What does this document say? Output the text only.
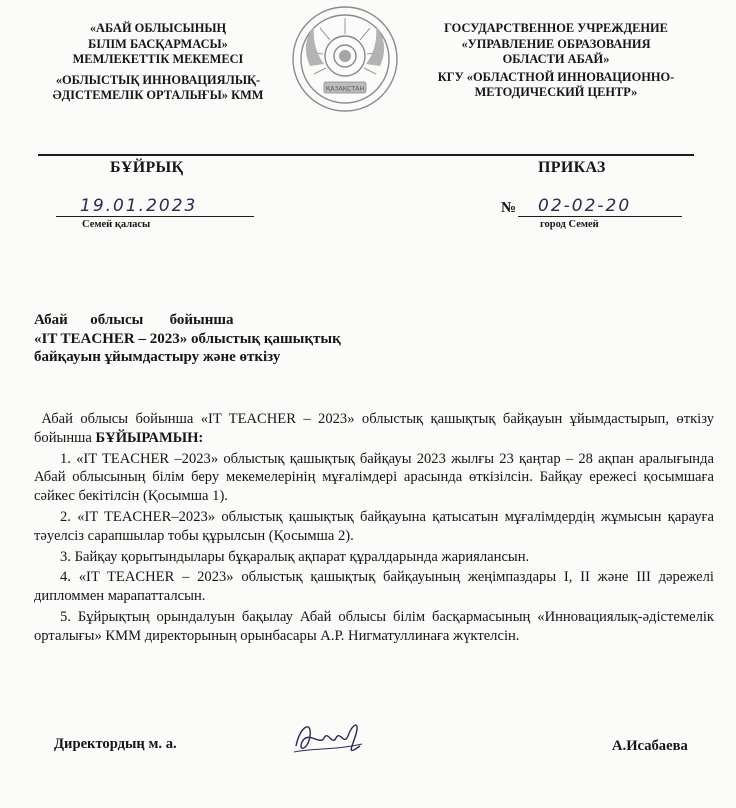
«АБАЙ ОБЛЫСЫНЫҢ
БІЛІМ БАСҚАРМАСЫ»
МЕМЛЕКЕТТІК МЕКЕМЕСІ
«ОБЛЫСТЫҚ ИННОВАЦИЯЛЫҚ-
ӘДІСТЕМЕЛІК ОРТАЛЫҒЫ» КММ	ҚАЗАҚСТАН
ГОСУДАРСТВЕННОЕ УЧРЕЖДЕНИЕ
«УПРАВЛЕНИЕ ОБРАЗОВАНИЯ
ОБЛАСТИ АБАЙ»
КГУ «ОБЛАСТНОЙ ИННОВАЦИОННО-
МЕТОДИЧЕСКИЙ ЦЕНТР»
БҰЙРЫҚ	ПРИКАЗ
19.01.2023
Семей қаласы
№ 02-02-20
город Семей
Абай      облысы       бойынша
«IT TEACHER – 2023» облыстық қашықтық
байқауын ұйымдастыру және өткізу

Абай облысы бойынша «IT TEACHER – 2023» облыстық қашықтық байқауын ұйымдастырып, өткізу  бойынша БҰЙЫРАМЫН:

1. «IT TEACHER –2023» облыстық қашықтық байқауы 2023 жылғы 23 қаңтар – 28 ақпан аралығында Абай облысының білім беру мекемелерінің мұғалімдері арасында өткізілсін. Байқау ережесі қосымшаға сәйкес бекітілсін (Қосымша 1).

2. «IT TEACHER–2023» облыстық қашықтық байқауына қатысатын мұғалімдердің жұмысын қарауға тәуелсіз сарапшылар тобы құрылсын (Қосымша 2).

3. Байқау қорытындылары бұқаралық ақпарат құралдарында жариялансын.

4. «IT TEACHER – 2023» облыстық қашықтық байқауының жеңімпаздары I, II және III дәрежелі дипломмен марапатталсын.

5. Бұйрықтың орындалуын бақылау Абай облысы білім басқармасының «Инновациялық-әдістемелік орталығы» КММ директорының орынбасары А.Р. Нигматуллинаға жүктелсін.

Директордың м. а.	А.Исабаева
